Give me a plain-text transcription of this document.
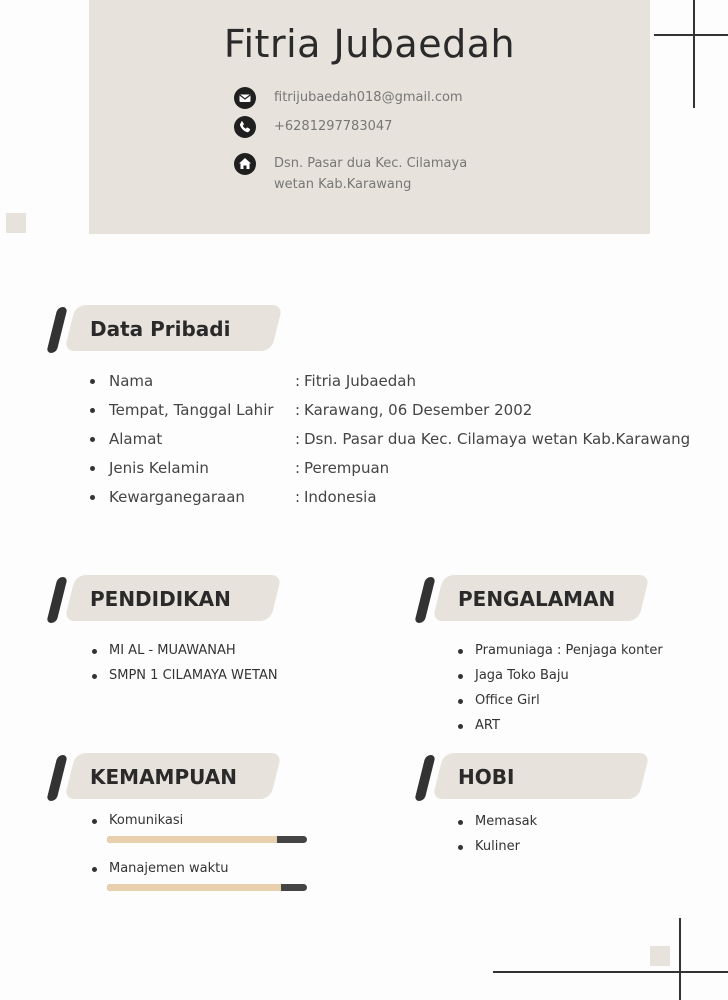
Fitria Jubaedah
fitrijubaedah018@gmail.com
+6281297783047
Dsn. Pasar dua Kec. Cilamaya
wetan Kab.Karawang
Data Pribadi
Nama	: Fitria Jubaedah
Tempat, Tanggal Lahir : Karawang, 06 Desember 2002
Alamat	: Dsn. Pasar dua Kec. Cilamaya wetan Kab.Karawang
Jenis Kelamin	: Perempuan
Kewarganegaraan	: Indonesia
PENDIDIKAN
MI AL - MUAWANAH
SMPN 1 CILAMAYA WETAN
PENGALAMAN
Pramuniaga : Penjaga konter
Jaga Toko Baju
Office Girl
ART
KEMAMPUAN
Komunikasi
Manajemen waktu
HOBI
Memasak
Kuliner
